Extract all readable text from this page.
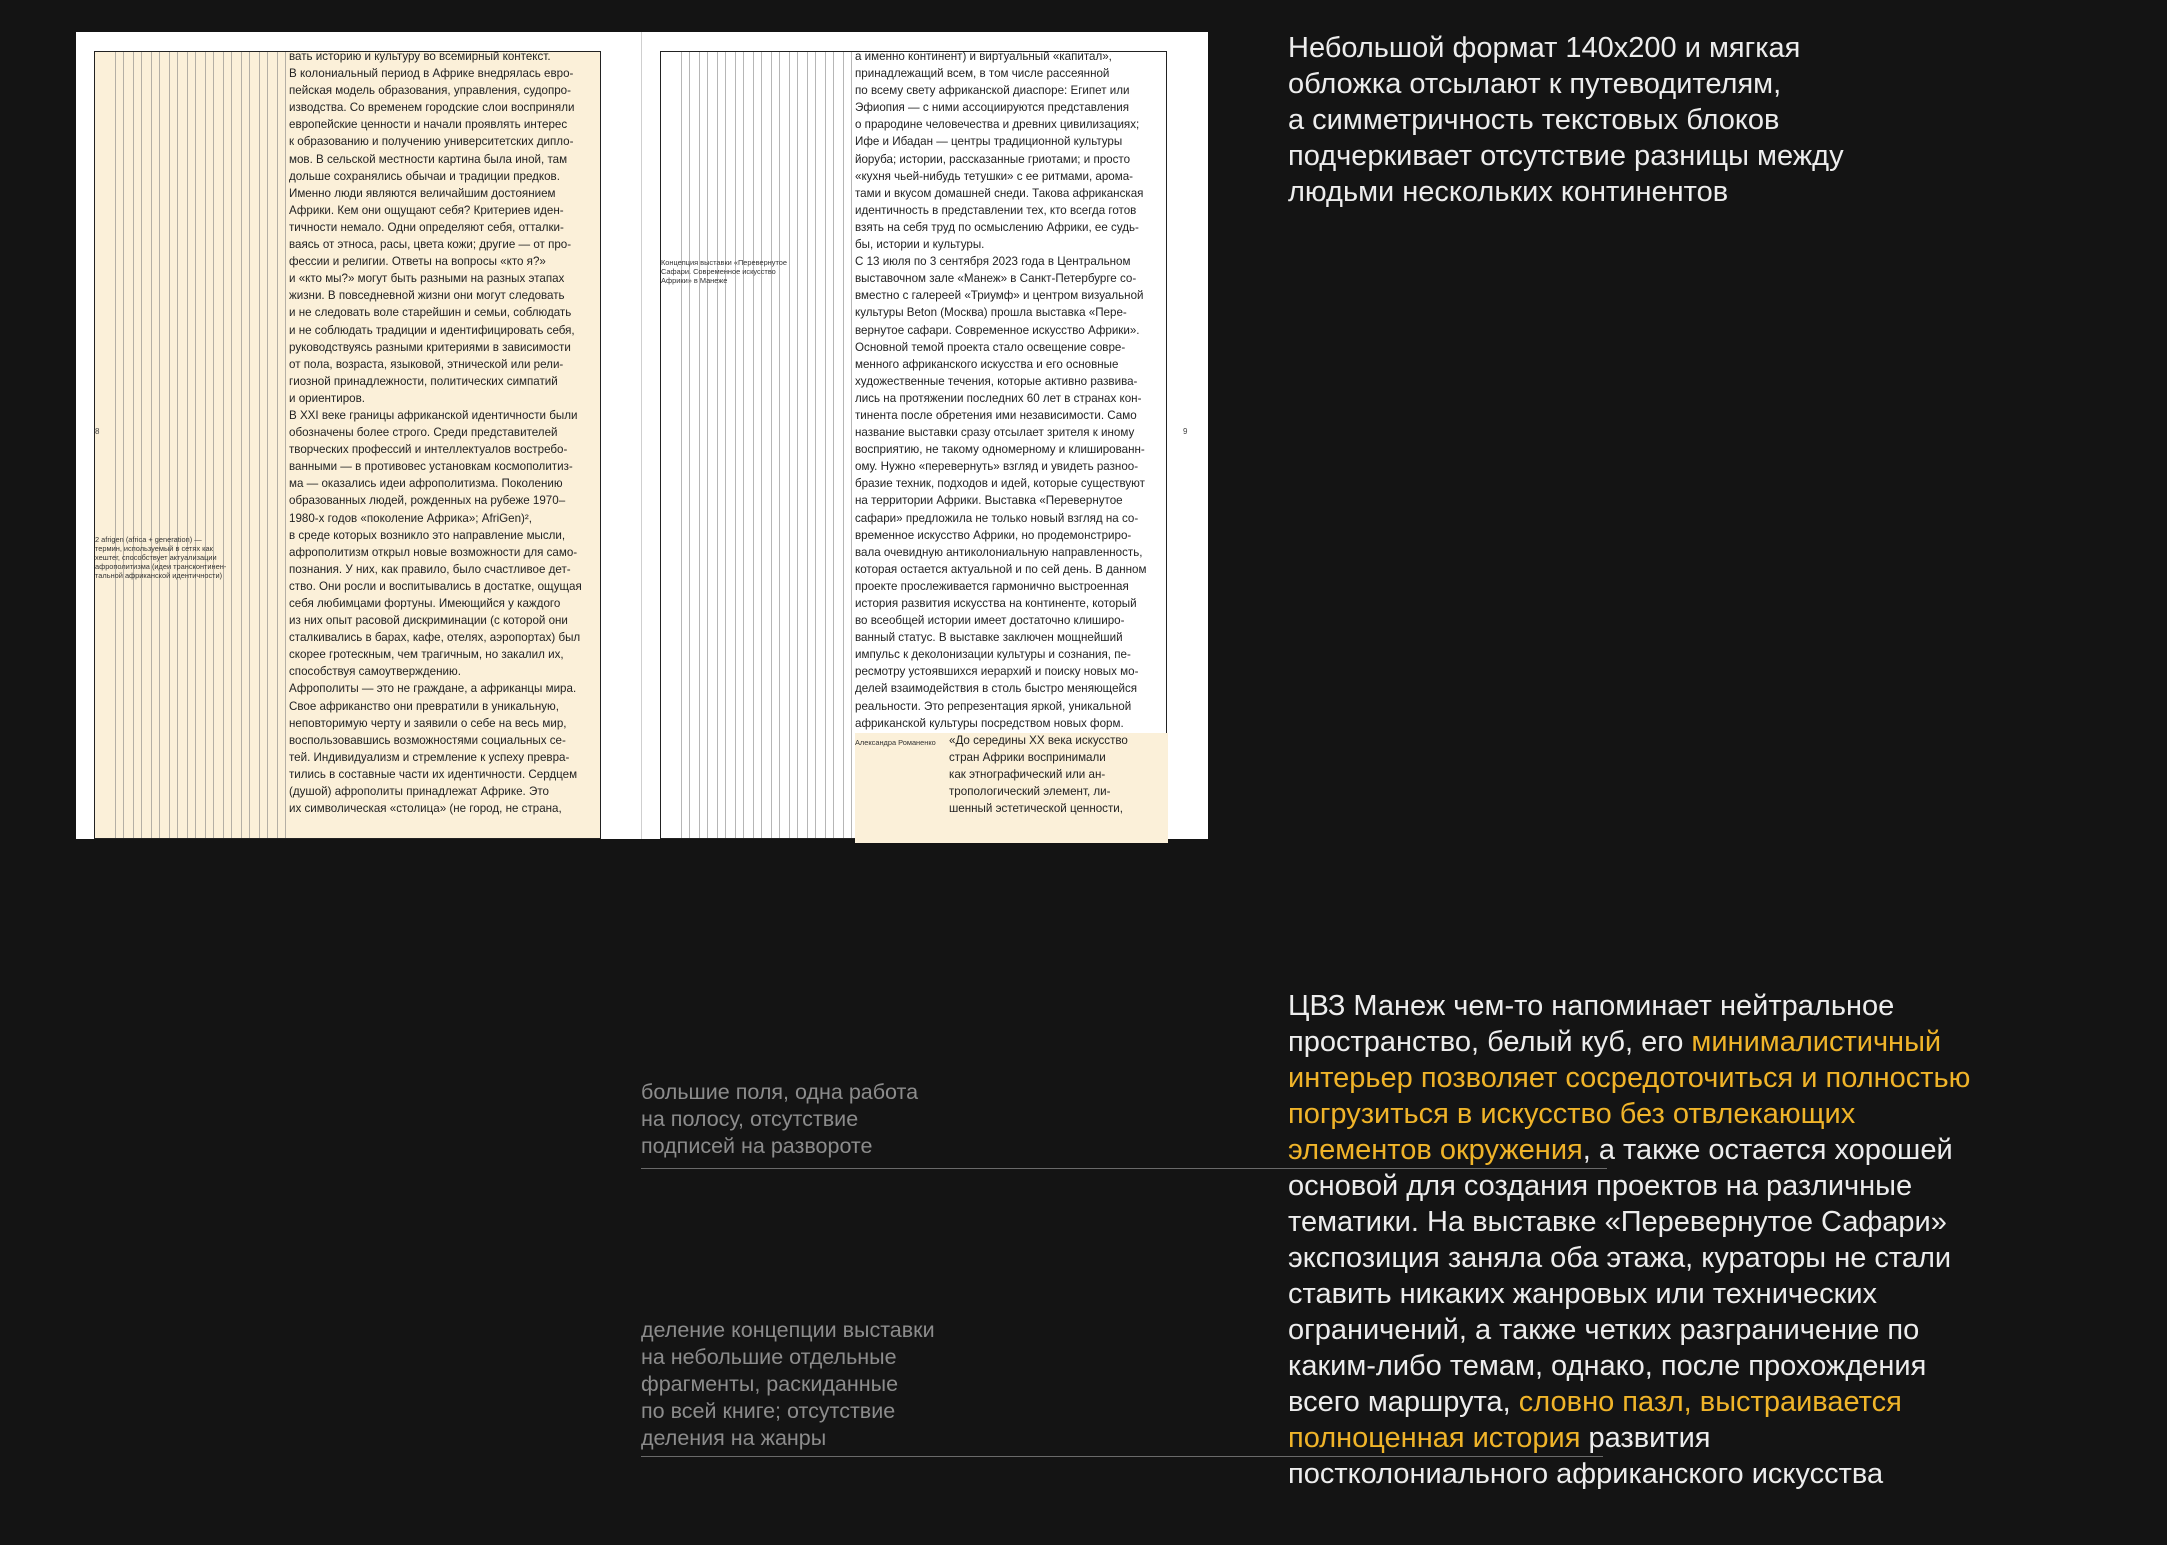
2 afrigen (africa + generation) —
термин, используемый в сетях как
хештег, способствует актуализации
афрополитизма (идеи трансконтинен-
тальной африканской идентичности)
8
вать историю и культуру во всемирный контекст.
В колониальный период в Африке внедрялась евро-
пейская модель образования, управления, судопро-
изводства. Со временем городские слои восприняли
европейские ценности и начали проявлять интерес
к образованию и получению университетских дипло-
мов. В сельской местности картина была иной, там
дольше сохранялись обычаи и традиции предков.
Именно люди являются величайшим достоянием
Африки. Кем они ощущают себя? Критериев иден-
тичности немало. Одни определяют себя, отталки-
ваясь от этноса, расы, цвета кожи; другие — от про-
фессии и религии. Ответы на вопросы «кто я?»
и «кто мы?» могут быть разными на разных этапах
жизни. В повседневной жизни они могут следовать
и не следовать воле старейшин и семьи, соблюдать
и не соблюдать традиции и идентифицировать себя,
руководствуясь разными критериями в зависимости
от пола, возраста, языковой, этнической или рели-
гиозной принадлежности, политических симпатий
и ориентиров.
В XXI веке границы африканской идентичности были
обозначены более строго. Среди представителей
творческих профессий и интеллектуалов востребо-
ванными — в противовес установкам космополитиз-
ма — оказались идеи афрополитизма. Поколению
образованных людей, рожденных на рубеже 1970–
1980-х годов «поколение Африка»; AfriGen)²,
в среде которых возникло это направление мысли,
афрополитизм открыл новые возможности для само-
познания. У них, как правило, было счастливое дет-
ство. Они росли и воспитывались в достатке, ощущая
себя любимцами фортуны. Имеющийся у каждого
из них опыт расовой дискриминации (с которой они
сталкивались в барах, кафе, отелях, аэропортах) был
скорее гротескным, чем трагичным, но закалил их,
способствуя самоутверждению.
Афрополиты — это не граждане, а африканцы мира.
Свое африканство они превратили в уникальную,
неповторимую черту и заявили о себе на весь мир,
воспользовавшись возможностями социальных се-
тей. Индивидуализм и стремление к успеху превра-
тились в составные части их идентичности. Сердцем
(душой) афрополиты принадлежат Африке. Это
их символическая «столица» (не город, не страна,
Концепция выставки «Перевернутое
Сафари. Современное искусство
Африки» в Манеже
9
а именно континент) и виртуальный «капитал»,
принадлежащий всем, в том числе рассеянной
по всему свету африканской диаспоре: Египет или
Эфиопия — с ними ассоциируются представления
о прародине человечества и древних цивилизациях;
Ифе и Ибадан — центры традиционной культуры
йоруба; истории, рассказанные гриотами; и просто
«кухня чьей-нибудь тетушки» с ее ритмами, арома-
тами и вкусом домашней снеди. Такова африканская
идентичность в представлении тех, кто всегда готов
взять на себя труд по осмыслению Африки, ее судь-
бы, истории и культуры.
С 13 июля по 3 сентября 2023 года в Центральном
выставочном зале «Манеж» в Санкт-Петербурге со-
вместно с галереей «Триумф» и центром визуальной
культуры Beton (Москва) прошла выставка «Пере-
вернутое сафари. Современное искусство Африки».
Основной темой проекта стало освещение совре-
менного африканского искусства и его основные
художественные течения, которые активно развива-
лись на протяжении последних 60 лет в странах кон-
тинента после обретения ими независимости. Само
название выставки сразу отсылает зрителя к иному
восприятию, не такому одномерному и клишированн-
ому. Нужно «перевернуть» взгляд и увидеть разноо-
бразие техник, подходов и идей, которые существуют
на территории Африки. Выставка «Перевернутое
сафари» предложила не только новый взгляд на со-
временное искусство Африки, но продемонстриро-
вала очевидную антиколониальную направленность,
которая остается актуальной и по сей день. В данном
проекте прослеживается гармонично выстроенная
история развития искусства на континенте, который
во всеобщей истории имеет достаточно клиширо-
ванный статус. В выставке заключен мощнейший
импульс к деколонизации культуры и сознания, пе-
ресмотру устоявшихся иерархий и поиску новых мо-
делей взаимодействия в столь быстро меняющейся
реальности. Это репрезентация яркой, уникальной
африканской культуры посредством новых форм.
Александра Романенко «До середины XX века искусство
стран Африки воспринимали
как этнографический или ан-
тропологический элемент, ли-
шенный эстетической ценности,
Небольшой формат 140х200 и мягкая
обложка отсылают к путеводителям,
а симметричность текстовых блоков
подчеркивает отсутствие разницы между
людьми нескольких континентов
большие поля, одна работа
на полосу, отсутствие
подписей на развороте
деление концепции выставки
на небольшие отдельные
фрагменты, раскиданные
по всей книге; отсутствие
деления на жанры
ЦВЗ Манеж чем-то напоминает нейтральное
пространство, белый куб, его минималистичный
интерьер позволяет сосредоточиться и полностью
погрузиться в искусство без отвлекающих
элементов окружения, а также остается хорошей
основой для создания проектов на различные
тематики. На выставке «Перевернутое Сафари»
экспозиция заняла оба этажа, кураторы не стали
ставить никаких жанровых или технических
ограничений, а также четких разграничение по
каким-либо темам, однако, после прохождения
всего маршрута, словно пазл, выстраивается
полноценная история развития
постколониального африканского искусства
